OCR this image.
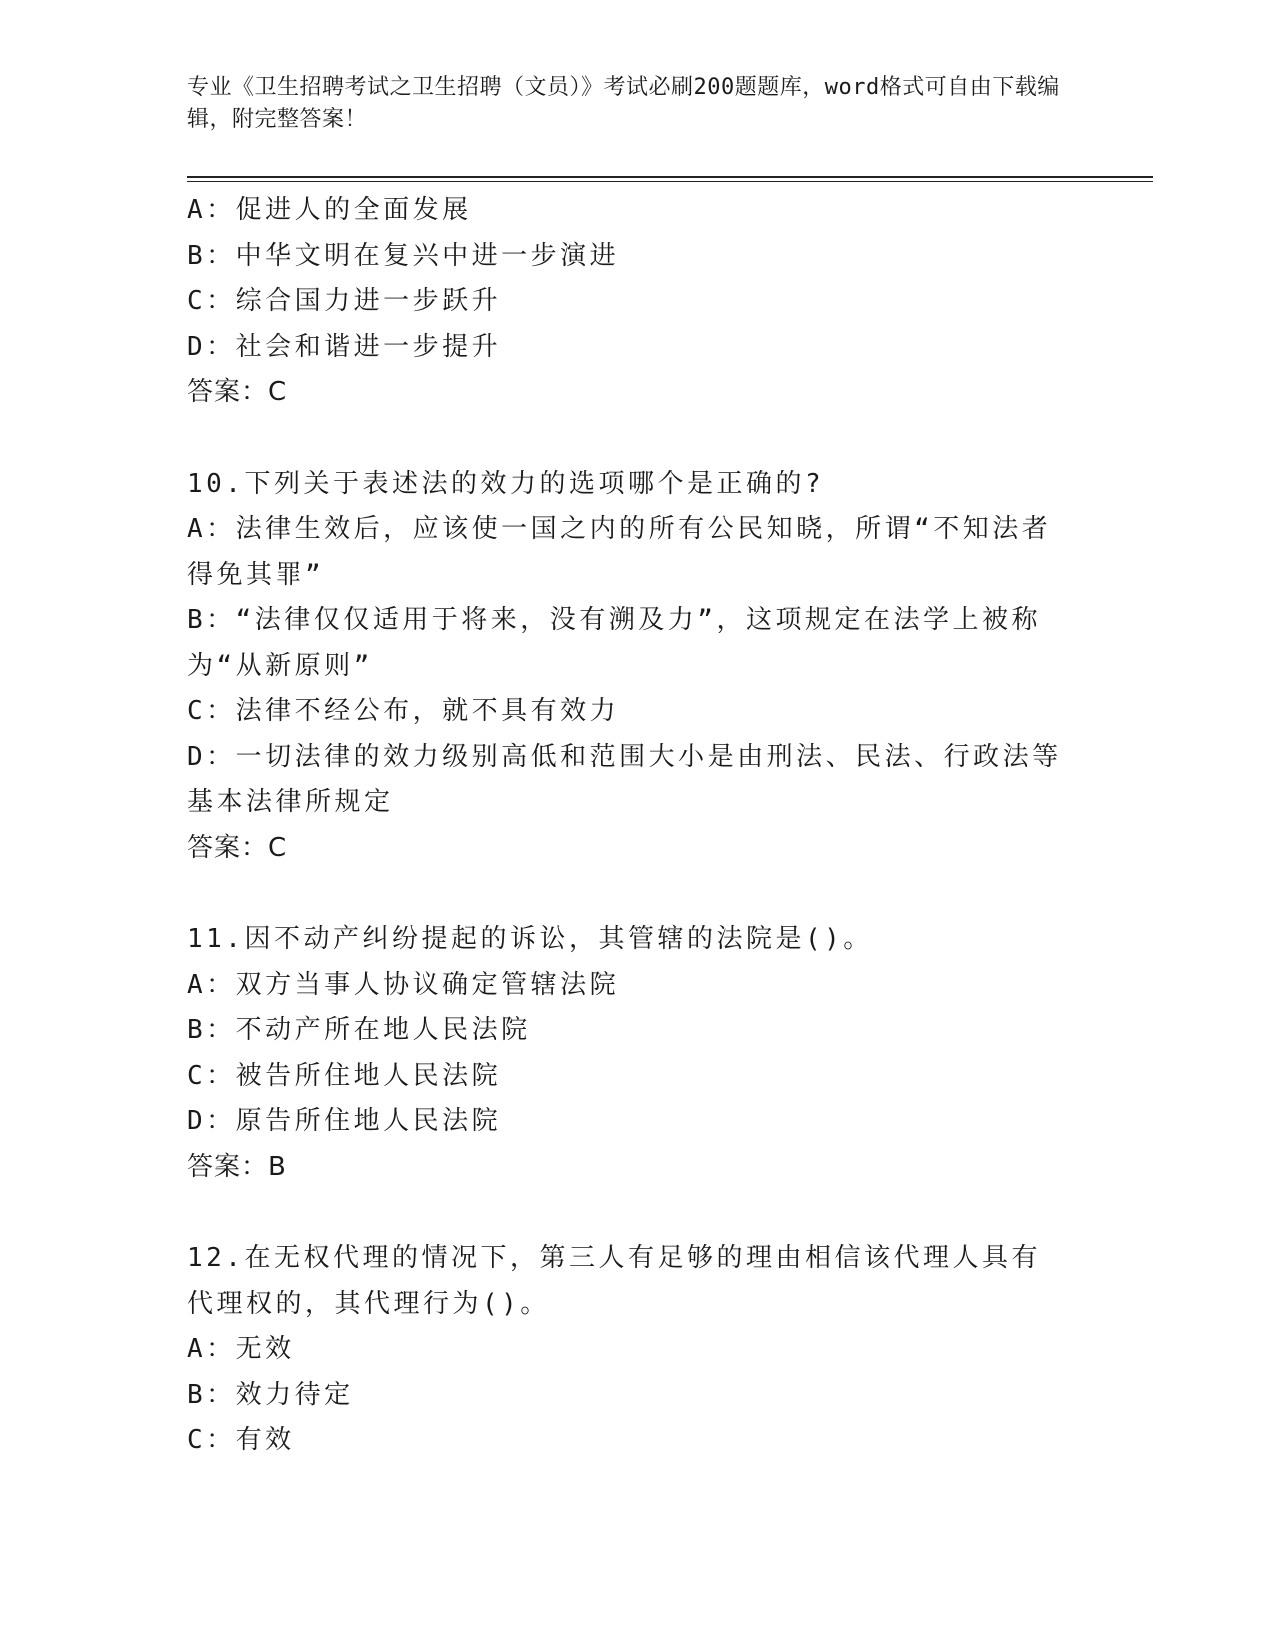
专业《卫生招聘考试之卫生招聘（文员）》考试必刷200题题库，word格式可自由下载编辑，附完整答案！

A：促进人的全面发展

B：中华文明在复兴中进一步演进

C：综合国力进一步跃升

D：社会和谐进一步提升

答案：C

10.下列关于表述法的效力的选项哪个是正确的?

A：法律生效后，应该使一国之内的所有公民知晓，所谓“不知法者得免其罪”

B：“法律仅仅适用于将来，没有溯及力”，这项规定在法学上被称为“从新原则”

C：法律不经公布，就不具有效力

D：一切法律的效力级别高低和范围大小是由刑法、民法、行政法等基本法律所规定

答案：C

11.因不动产纠纷提起的诉讼，其管辖的法院是()。

A：双方当事人协议确定管辖法院

B：不动产所在地人民法院

C：被告所住地人民法院

D：原告所住地人民法院

答案：B

12.在无权代理的情况下，第三人有足够的理由相信该代理人具有代理权的，其代理行为()。

A：无效

B：效力待定

C：有效
